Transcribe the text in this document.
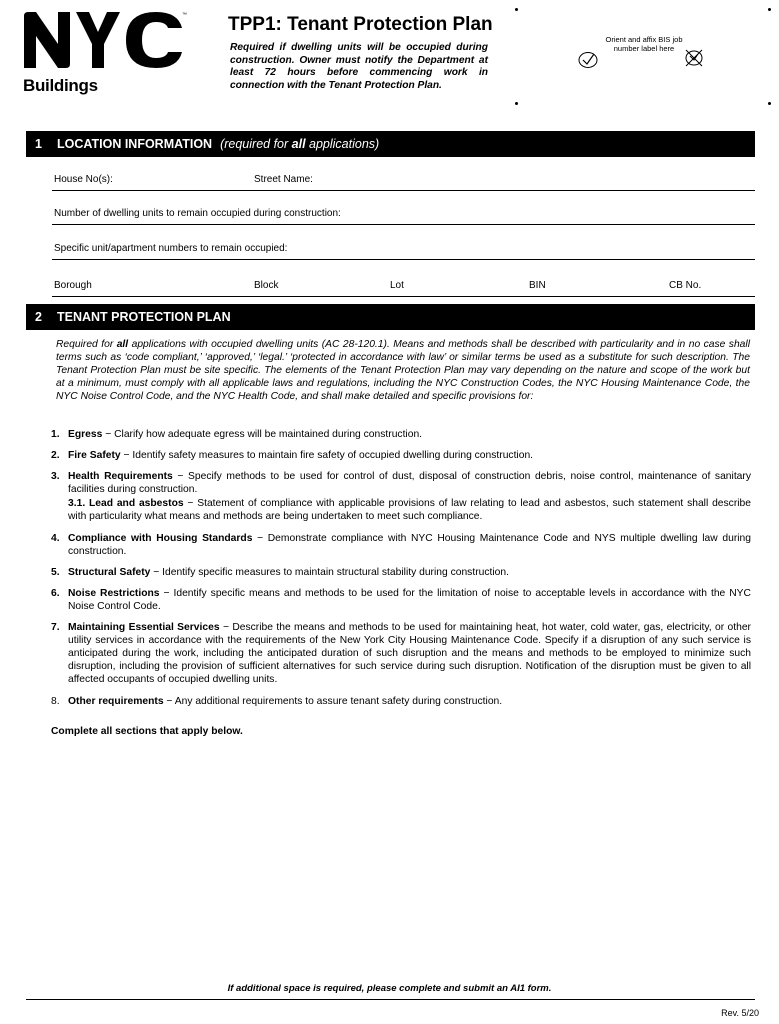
™
Buildings
TPP1: Tenant Protection Plan
Required if dwelling units will be occupied during construction. Owner must notify the Department at least 72 hours before commencing work in connection with the Tenant Protection Plan.
Orient and affix BIS job number label here
1	LOCATION INFORMATION (required for all applications)
House No(s):	Street Name:
Number of dwelling units to remain occupied during construction:
Specific unit/apartment numbers to remain occupied:
Borough	Block	Lot	BIN	CB No.
2	TENANT PROTECTION PLAN
Required for all applications with occupied dwelling units (AC 28-120.1). Means and methods shall be described with particularity and in no case shall terms such as ‘code compliant,’ ‘approved,’ ‘legal.’ ‘protected in accordance with law’ or similar terms be used as a substitute for such description. The Tenant Protection Plan must be site specific. The elements of the Tenant Protection Plan may vary depending on the nature and scope of the work but at a minimum, must comply with all applicable laws and regulations, including the NYC Construction Codes, the NYC Housing Maintenance Code, the NYC Noise Control Code, and the NYC Health Code, and shall make detailed and specific provisions for:
1. Egress − Clarify how adequate egress will be maintained during construction.
2. Fire Safety − Identify safety measures to maintain fire safety of occupied dwelling during construction.
3. Health Requirements − Specify methods to be used for control of dust, disposal of construction debris, noise control, maintenance of sanitary facilities during construction.
3.1. Lead and asbestos − Statement of compliance with applicable provisions of law relating to lead and asbestos, such statement shall describe with particularity what means and methods are being undertaken to meet such compliance.
4. Compliance with Housing Standards − Demonstrate compliance with NYC Housing Maintenance Code and NYS multiple dwelling law during construction.
5. Structural Safety − Identify specific measures to maintain structural stability during construction.
6. Noise Restrictions − Identify specific means and methods to be used for the limitation of noise to acceptable levels in accordance with the NYC Noise Control Code.
7. Maintaining Essential Services − Describe the means and methods to be used for maintaining heat, hot water, cold water, gas, electricity, or other utility services in accordance with the requirements of the New York City Housing Maintenance Code. Specify if a disruption of any such service is anticipated during the work, including the anticipated duration of such disruption and the means and methods to be employed to minimize such disruption, including the provision of sufficient alternatives for such service during such disruption. Notification of the disruption must be given to all affected occupants of occupied dwelling units.
8. Other requirements − Any additional requirements to assure tenant safety during construction.
Complete all sections that apply below.
If additional space is required, please complete and submit an AI1 form.
Rev. 5/20
